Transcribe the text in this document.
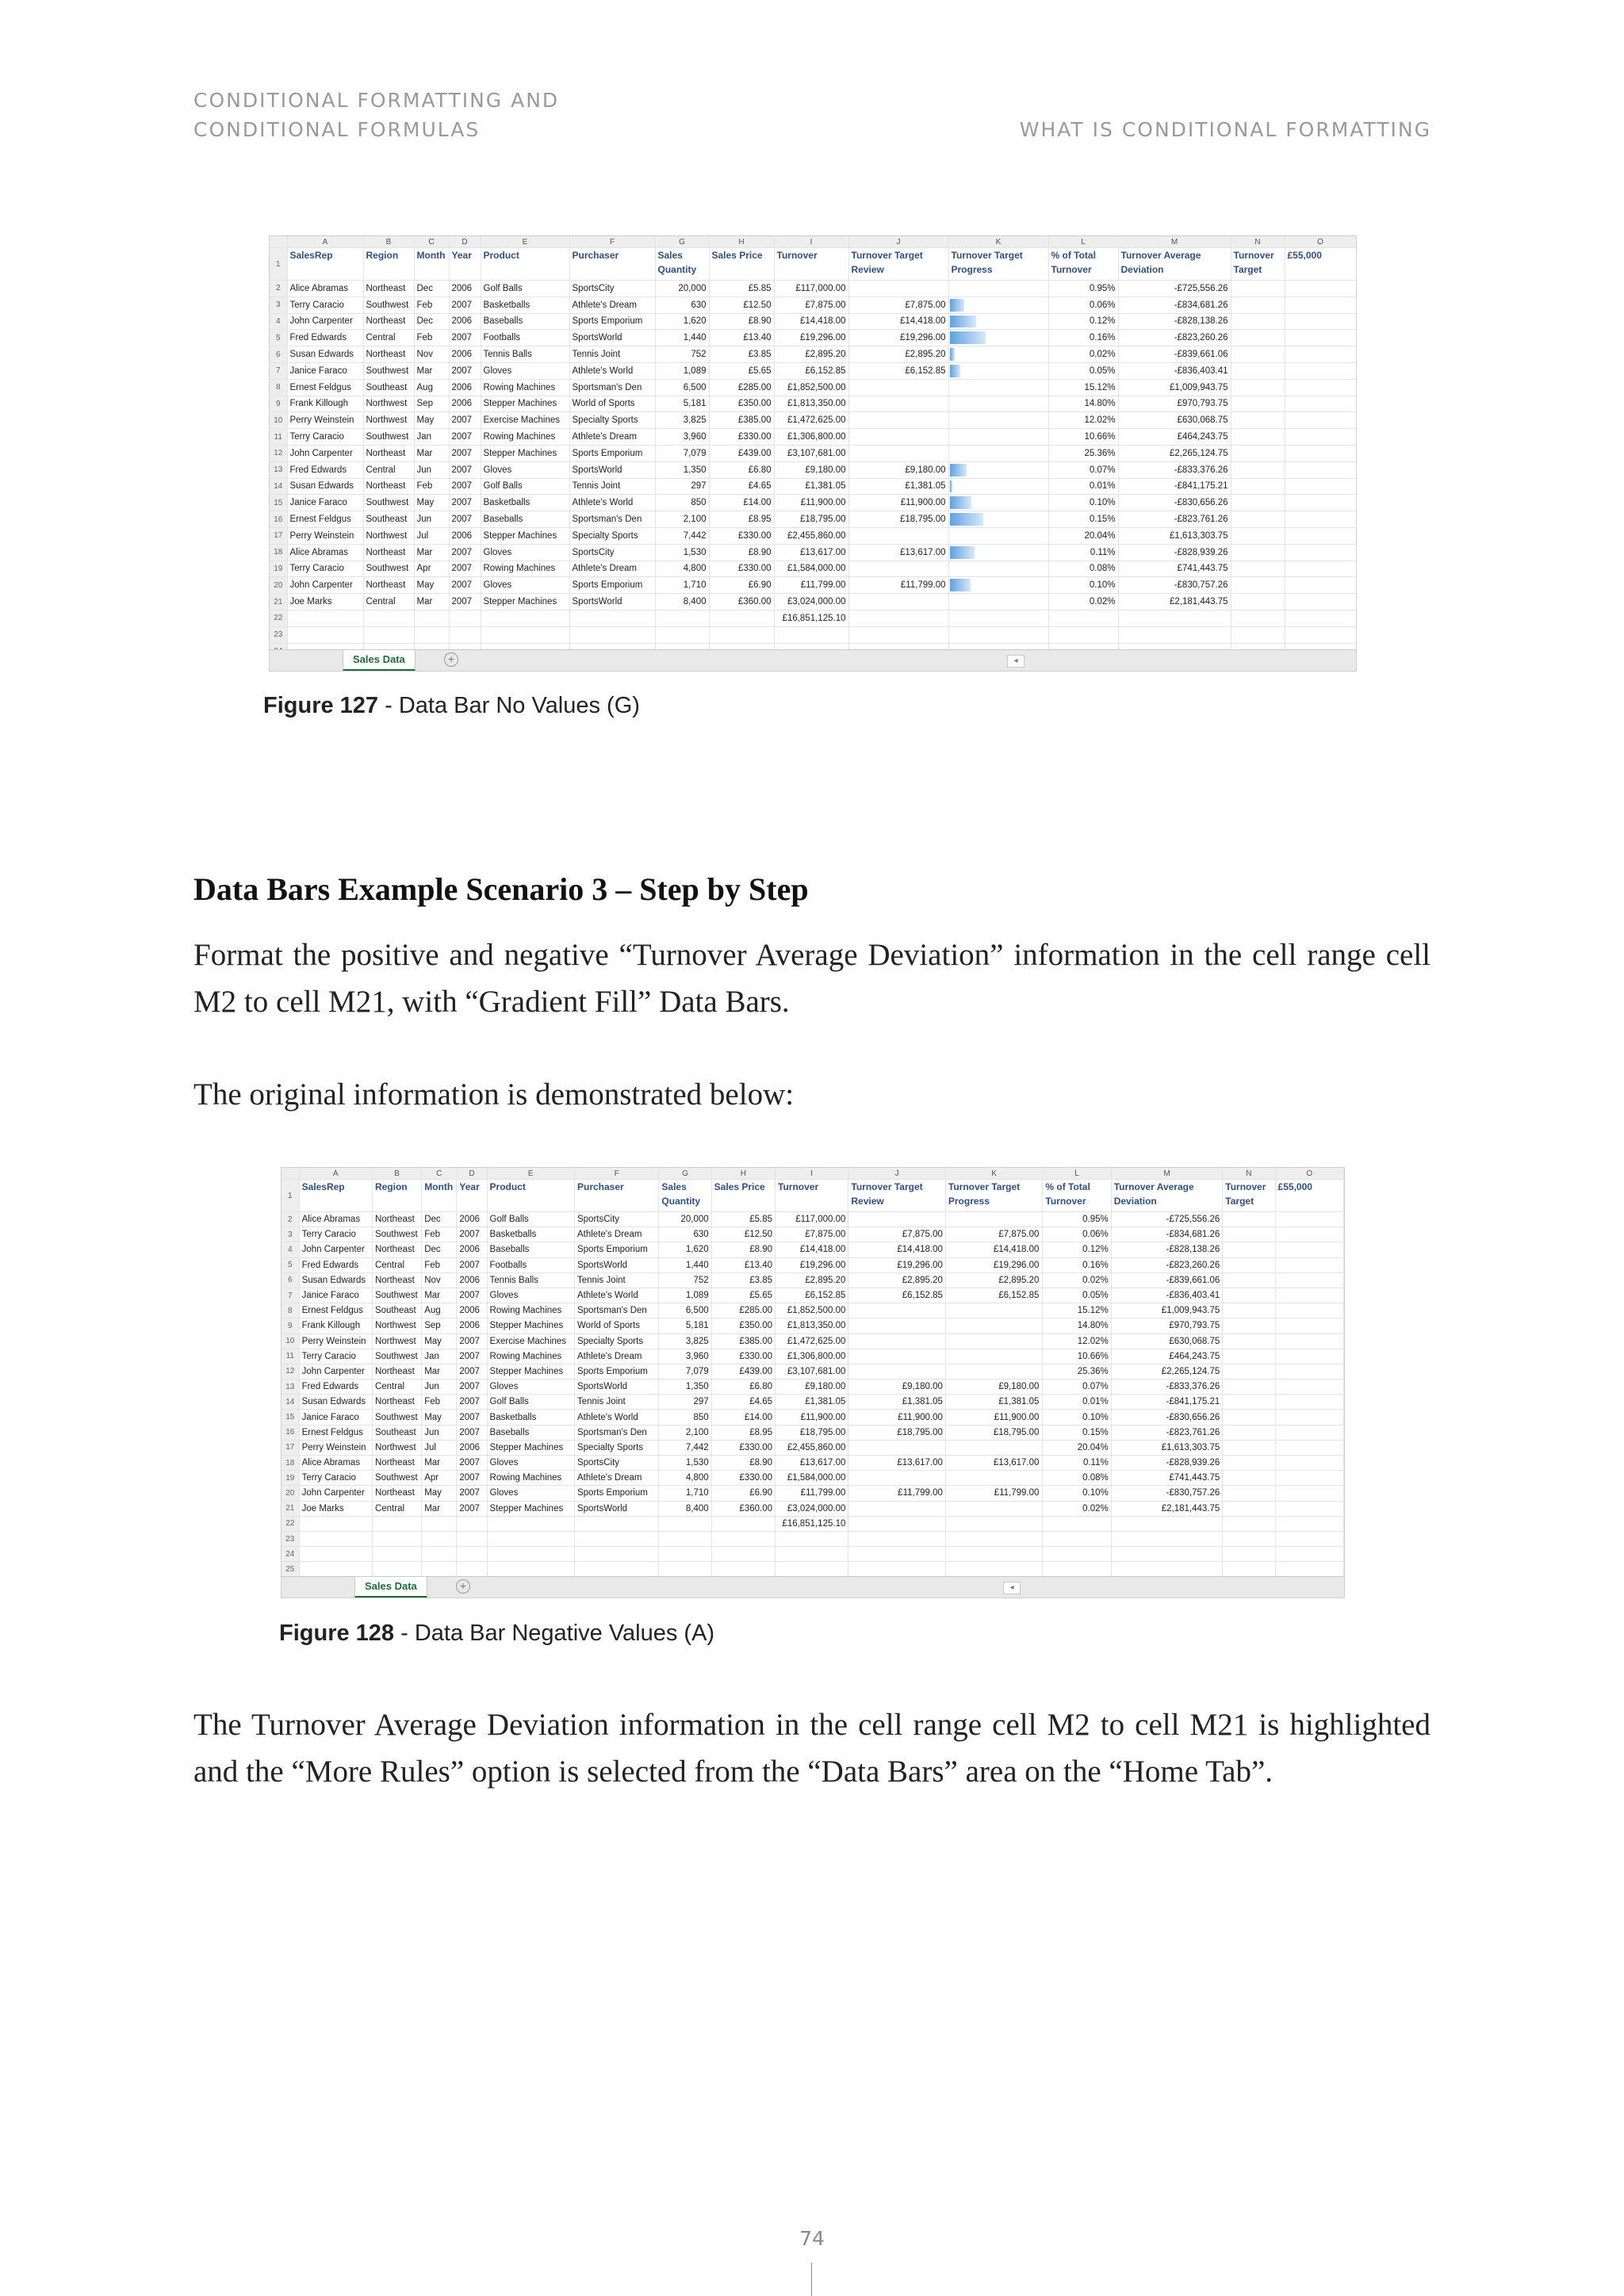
CONDITIONAL FORMATTING AND
CONDITIONAL FORMULAS	WHAT IS CONDITIONAL FORMATTING
	A	B	C	D	E	F	G	H	I	J	K	L	M	N	O
1	SalesRep	Region	Month	Year	Product	Purchaser	Sales Quantity	Sales Price	Turnover	Turnover Target Review	Turnover Target Progress	% of Total Turnover	Turnover Average Deviation	Turnover Target	£55,000
2	Alice Abramas	Northeast	Dec	2006	Golf Balls	SportsCity	20,000	£5.85	£117,000.00			0.95%	-£725,556.26		
3	Terry Caracio	Southwest	Feb	2007	Basketballs	Athlete's Dream	630	£12.50	£7,875.00	£7,875.00		0.06%	-£834,681.26		
4	John Carpenter	Northeast	Dec	2006	Baseballs	Sports Emporium	1,620	£8.90	£14,418.00	£14,418.00		0.12%	-£828,138.26		
5	Fred Edwards	Central	Feb	2007	Footballs	SportsWorld	1,440	£13.40	£19,296.00	£19,296.00		0.16%	-£823,260.26		
6	Susan Edwards	Northeast	Nov	2006	Tennis Balls	Tennis Joint	752	£3.85	£2,895.20	£2,895.20		0.02%	-£839,661.06		
7	Janice Faraco	Southwest	Mar	2007	Gloves	Athlete's World	1,089	£5.65	£6,152.85	£6,152.85		0.05%	-£836,403.41		
8	Ernest Feldgus	Southeast	Aug	2006	Rowing Machines	Sportsman's Den	6,500	£285.00	£1,852,500.00			15.12%	£1,009,943.75		
9	Frank Killough	Northwest	Sep	2006	Stepper Machines	World of Sports	5,181	£350.00	£1,813,350.00			14.80%	£970,793.75		
10	Perry Weinstein	Northwest	May	2007	Exercise Machines	Specialty Sports	3,825	£385.00	£1,472,625.00			12.02%	£630,068.75		
11	Terry Caracio	Southwest	Jan	2007	Rowing Machines	Athlete's Dream	3,960	£330.00	£1,306,800.00			10.66%	£464,243.75		
12	John Carpenter	Northeast	Mar	2007	Stepper Machines	Sports Emporium	7,079	£439.00	£3,107,681.00			25.36%	£2,265,124.75		
13	Fred Edwards	Central	Jun	2007	Gloves	SportsWorld	1,350	£6.80	£9,180.00	£9,180.00		0.07%	-£833,376.26		
14	Susan Edwards	Northeast	Feb	2007	Golf Balls	Tennis Joint	297	£4.65	£1,381.05	£1,381.05		0.01%	-£841,175.21		
15	Janice Faraco	Southwest	May	2007	Basketballs	Athlete's World	850	£14.00	£11,900.00	£11,900.00		0.10%	-£830,656.26		
16	Ernest Feldgus	Southeast	Jun	2007	Baseballs	Sportsman's Den	2,100	£8.95	£18,795.00	£18,795.00		0.15%	-£823,761.26		
17	Perry Weinstein	Northwest	Jul	2006	Stepper Machines	Specialty Sports	7,442	£330.00	£2,455,860.00			20.04%	£1,613,303.75		
18	Alice Abramas	Northeast	Mar	2007	Gloves	SportsCity	1,530	£8.90	£13,617.00	£13,617.00		0.11%	-£828,939.26		
19	Terry Caracio	Southwest	Apr	2007	Rowing Machines	Athlete's Dream	4,800	£330.00	£1,584,000.00			0.08%	£741,443.75		
20	John Carpenter	Northeast	May	2007	Gloves	Sports Emporium	1,710	£6.90	£11,799.00	£11,799.00		0.10%	-£830,757.26		
21	Joe Marks	Central	Mar	2007	Stepper Machines	SportsWorld	8,400	£360.00	£3,024,000.00			0.02%	£2,181,443.75		
22									£16,851,125.10						
23															

Sales Data	+	◂
Figure 127 - Data Bar No Values (G)
Data Bars Example Scenario 3 – Step by Step
Format the positive and negative “Turnover Average Deviation” information in the cell range cell M2 to cell M21, with “Gradient Fill” Data Bars.
The original information is demonstrated below:
	A	B	C	D	E	F	G	H	I	J	K	L	M	N	O
1	SalesRep	Region	Month	Year	Product	Purchaser	Sales Quantity	Sales Price	Turnover	Turnover Target Review	Turnover Target Progress	% of Total Turnover	Turnover Average Deviation	Turnover Target	£55,000
2	Alice Abramas	Northeast	Dec	2006	Golf Balls	SportsCity	20,000	£5.85	£117,000.00			0.95%	-£725,556.26		
3	Terry Caracio	Southwest	Feb	2007	Basketballs	Athlete's Dream	630	£12.50	£7,875.00	£7,875.00	£7,875.00	0.06%	-£834,681.26		
4	John Carpenter	Northeast	Dec	2006	Baseballs	Sports Emporium	1,620	£8.90	£14,418.00	£14,418.00	£14,418.00	0.12%	-£828,138.26		
5	Fred Edwards	Central	Feb	2007	Footballs	SportsWorld	1,440	£13.40	£19,296.00	£19,296.00	£19,296.00	0.16%	-£823,260.26		
6	Susan Edwards	Northeast	Nov	2006	Tennis Balls	Tennis Joint	752	£3.85	£2,895.20	£2,895.20	£2,895.20	0.02%	-£839,661.06		
7	Janice Faraco	Southwest	Mar	2007	Gloves	Athlete's World	1,089	£5.65	£6,152.85	£6,152.85	£6,152.85	0.05%	-£836,403.41		
8	Ernest Feldgus	Southeast	Aug	2006	Rowing Machines	Sportsman's Den	6,500	£285.00	£1,852,500.00			15.12%	£1,009,943.75		
9	Frank Killough	Northwest	Sep	2006	Stepper Machines	World of Sports	5,181	£350.00	£1,813,350.00			14.80%	£970,793.75		
10	Perry Weinstein	Northwest	May	2007	Exercise Machines	Specialty Sports	3,825	£385.00	£1,472,625.00			12.02%	£630,068.75		
11	Terry Caracio	Southwest	Jan	2007	Rowing Machines	Athlete's Dream	3,960	£330.00	£1,306,800.00			10.66%	£464,243.75		
12	John Carpenter	Northeast	Mar	2007	Stepper Machines	Sports Emporium	7,079	£439.00	£3,107,681.00			25.36%	£2,265,124.75		
13	Fred Edwards	Central	Jun	2007	Gloves	SportsWorld	1,350	£6.80	£9,180.00	£9,180.00	£9,180.00	0.07%	-£833,376.26		
14	Susan Edwards	Northeast	Feb	2007	Golf Balls	Tennis Joint	297	£4.65	£1,381.05	£1,381.05	£1,381.05	0.01%	-£841,175.21		
15	Janice Faraco	Southwest	May	2007	Basketballs	Athlete's World	850	£14.00	£11,900.00	£11,900.00	£11,900.00	0.10%	-£830,656.26		
16	Ernest Feldgus	Southeast	Jun	2007	Baseballs	Sportsman's Den	2,100	£8.95	£18,795.00	£18,795.00	£18,795.00	0.15%	-£823,761.26		
17	Perry Weinstein	Northwest	Jul	2006	Stepper Machines	Specialty Sports	7,442	£330.00	£2,455,860.00			20.04%	£1,613,303.75		
18	Alice Abramas	Northeast	Mar	2007	Gloves	SportsCity	1,530	£8.90	£13,617.00	£13,617.00	£13,617.00	0.11%	-£828,939.26		
19	Terry Caracio	Southwest	Apr	2007	Rowing Machines	Athlete's Dream	4,800	£330.00	£1,584,000.00			0.08%	£741,443.75		
20	John Carpenter	Northeast	May	2007	Gloves	Sports Emporium	1,710	£6.90	£11,799.00	£11,799.00	£11,799.00	0.10%	-£830,757.26		
21	Joe Marks	Central	Mar	2007	Stepper Machines	SportsWorld	8,400	£360.00	£3,024,000.00			0.02%	£2,181,443.75		
22									£16,851,125.10						
23															
24															
25															

Sales Data	+	◂
Figure 128 - Data Bar Negative Values (A)
The Turnover Average Deviation information in the cell range cell M2 to cell M21 is highlighted and the “More Rules” option is selected from the “Data Bars” area on the “Home Tab”.
74
